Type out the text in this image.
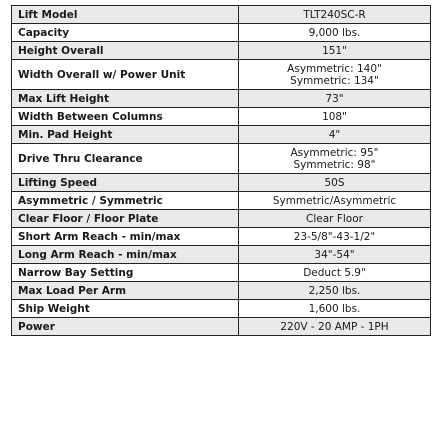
Lift Model	TLT240SC-R

Capacity	9,000 lbs.

Height Overall	151"

Width Overall w/ Power Unit	Asymmetric: 140"
Symmetric: 134"

Max Lift Height	73"

Width Between Columns	108"

Min. Pad Height	4"

Drive Thru Clearance	Asymmetric: 95"
Symmetric: 98"

Lifting Speed	50S

Asymmetric / Symmetric	Symmetric/Asymmetric

Clear Floor / Floor Plate	Clear Floor

Short Arm Reach - min/max	23-5/8"-43-1/2"

Long Arm Reach - min/max	34"-54"

Narrow Bay Setting	Deduct 5.9"

Max Load Per Arm	2,250 lbs.

Ship Weight	1,600 lbs.

Power	220V - 20 AMP - 1PH
